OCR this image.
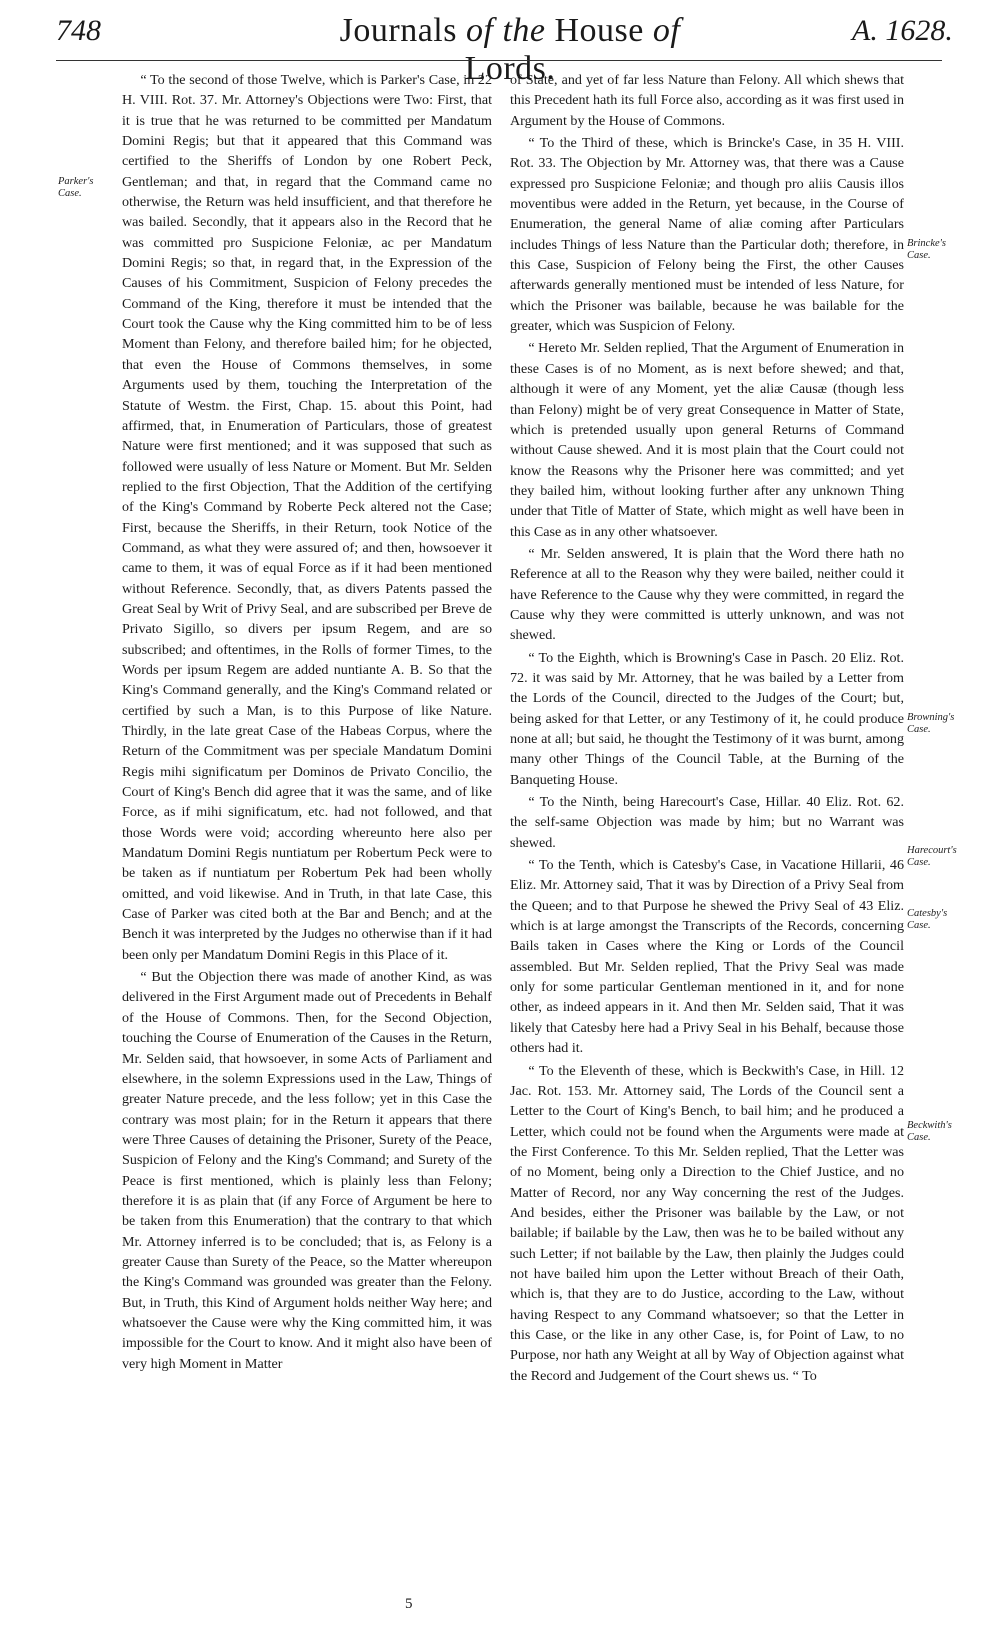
748	Journals of the House of Lords.
A. 1628.
Parker's Case.
Brincke's Case.
Browning's Case.
Harecourt's Case.
Catesby's Case.
Beckwith's Case.

“ To the second of those Twelve, which is Parker's Case, in 22 H. VIII. Rot. 37. Mr. Attorney's Objections were Two: First, that it is true that he was returned to be committed per Mandatum Domini Regis; but that it appeared that this Command was certified to the Sheriffs of London by one Robert Peck, Gentleman; and that, in regard that the Command came no otherwise, the Return was held insufficient, and that therefore he was bailed. Secondly, that it appears also in the Record that he was committed pro Suspicione Feloniæ, ac per Mandatum Domini Regis; so that, in regard that, in the Expression of the Causes of his Commitment, Suspicion of Felony precedes the Command of the King, therefore it must be intended that the Court took the Cause why the King committed him to be of less Moment than Felony, and therefore bailed him; for he objected, that even the House of Commons themselves, in some Arguments used by them, touching the Interpretation of the Statute of Westm. the First, Chap. 15. about this Point, had affirmed, that, in Enumeration of Particulars, those of greatest Nature were first mentioned; and it was supposed that such as followed were usually of less Nature or Moment. But Mr. Selden replied to the first Objection, That the Addition of the certifying of the King's Command by Roberte Peck altered not the Case; First, because the Sheriffs, in their Return, took Notice of the Command, as what they were assured of; and then, howsoever it came to them, it was of equal Force as if it had been mentioned without Reference. Secondly, that, as divers Patents passed the Great Seal by Writ of Privy Seal, and are subscribed per Breve de Privato Sigillo, so divers per ipsum Regem, and are so subscribed; and oftentimes, in the Rolls of former Times, to the Words per ipsum Regem are added nuntiante A. B. So that the King's Command generally, and the King's Command related or certified by such a Man, is to this Purpose of like Nature. Thirdly, in the late great Case of the Habeas Corpus, where the Return of the Commitment was per speciale Mandatum Domini Regis mihi significatum per Dominos de Privato Concilio, the Court of King's Bench did agree that it was the same, and of like Force, as if mihi significatum, etc. had not followed, and that those Words were void; according whereunto here also per Mandatum Domini Regis nuntiatum per Robertum Peck were to be taken as if nuntiatum per Robertum Pek had been wholly omitted, and void likewise. And in Truth, in that late Case, this Case of Parker was cited both at the Bar and Bench; and at the Bench it was interpreted by the Judges no otherwise than if it had been only per Mandatum Domini Regis in this Place of it.

“ But the Objection there was made of another Kind, as was delivered in the First Argument made out of Precedents in Behalf of the House of Commons. Then, for the Second Objection, touching the Course of Enumeration of the Causes in the Return, Mr. Selden said, that howsoever, in some Acts of Parliament and elsewhere, in the solemn Expressions used in the Law, Things of greater Nature precede, and the less follow; yet in this Case the contrary was most plain; for in the Return it appears that there were Three Causes of detaining the Prisoner, Surety of the Peace, Suspicion of Felony and the King's Command; and Surety of the Peace is first mentioned, which is plainly less than Felony; therefore it is as plain that (if any Force of Argument be here to be taken from this Enumeration) that the contrary to that which Mr. Attorney inferred is to be concluded; that is, as Felony is a greater Cause than Surety of the Peace, so the Matter whereupon the King's Command was grounded was greater than the Felony. But, in Truth, this Kind of Argument holds neither Way here; and whatsoever the Cause were why the King committed him, it was impossible for the Court to know. And it might also have been of very high Moment in Matter

of State, and yet of far less Nature than Felony. All which shews that this Precedent hath its full Force also, according as it was first used in Argument by the House of Commons.

“ To the Third of these, which is Brincke's Case, in 35 H. VIII. Rot. 33. The Objection by Mr. Attorney was, that there was a Cause expressed pro Suspicione Feloniæ; and though pro aliis Causis illos moventibus were added in the Return, yet because, in the Course of Enumeration, the general Name of aliæ coming after Particulars includes Things of less Nature than the Particular doth; therefore, in this Case, Suspicion of Felony being the First, the other Causes afterwards generally mentioned must be intended of less Nature, for which the Prisoner was bailable, because he was bailable for the greater, which was Suspicion of Felony.

“ Hereto Mr. Selden replied, That the Argument of Enumeration in these Cases is of no Moment, as is next before shewed; and that, although it were of any Moment, yet the aliæ Causæ (though less than Felony) might be of very great Consequence in Matter of State, which is pretended usually upon general Returns of Command without Cause shewed. And it is most plain that the Court could not know the Reasons why the Prisoner here was committed; and yet they bailed him, without looking further after any unknown Thing under that Title of Matter of State, which might as well have been in this Case as in any other whatsoever.

“ Mr. Selden answered, It is plain that the Word there hath no Reference at all to the Reason why they were bailed, neither could it have Reference to the Cause why they were committed, in regard the Cause why they were committed is utterly unknown, and was not shewed.

“ To the Eighth, which is Browning's Case in Pasch. 20 Eliz. Rot. 72. it was said by Mr. Attorney, that he was bailed by a Letter from the Lords of the Council, directed to the Judges of the Court; but, being asked for that Letter, or any Testimony of it, he could produce none at all; but said, he thought the Testimony of it was burnt, among many other Things of the Council Table, at the Burning of the Banqueting House.

“ To the Ninth, being Harecourt's Case, Hillar. 40 Eliz. Rot. 62. the self-same Objection was made by him; but no Warrant was shewed.

“ To the Tenth, which is Catesby's Case, in Vacatione Hillarii, 46 Eliz. Mr. Attorney said, That it was by Direction of a Privy Seal from the Queen; and to that Purpose he shewed the Privy Seal of 43 Eliz. which is at large amongst the Transcripts of the Records, concerning Bails taken in Cases where the King or Lords of the Council assembled. But Mr. Selden replied, That the Privy Seal was made only for some particular Gentleman mentioned in it, and for none other, as indeed appears in it. And then Mr. Selden said, That it was likely that Catesby here had a Privy Seal in his Behalf, because those others had it.

“ To the Eleventh of these, which is Beckwith's Case, in Hill. 12 Jac. Rot. 153. Mr. Attorney said, The Lords of the Council sent a Letter to the Court of King's Bench, to bail him; and he produced a Letter, which could not be found when the Arguments were made at the First Conference. To this Mr. Selden replied, That the Letter was of no Moment, being only a Direction to the Chief Justice, and no Matter of Record, nor any Way concerning the rest of the Judges. And besides, either the Prisoner was bailable by the Law, or not bailable; if bailable by the Law, then was he to be bailed without any such Letter; if not bailable by the Law, then plainly the Judges could not have bailed him upon the Letter without Breach of their Oath, which is, that they are to do Justice, according to the Law, without having Respect to any Command whatsoever; so that the Letter in this Case, or the like in any other Case, is, for Point of Law, to no Purpose, nor hath any Weight at all by Way of Objection against what the Record and Judgement of the Court shews us. “ To

5
